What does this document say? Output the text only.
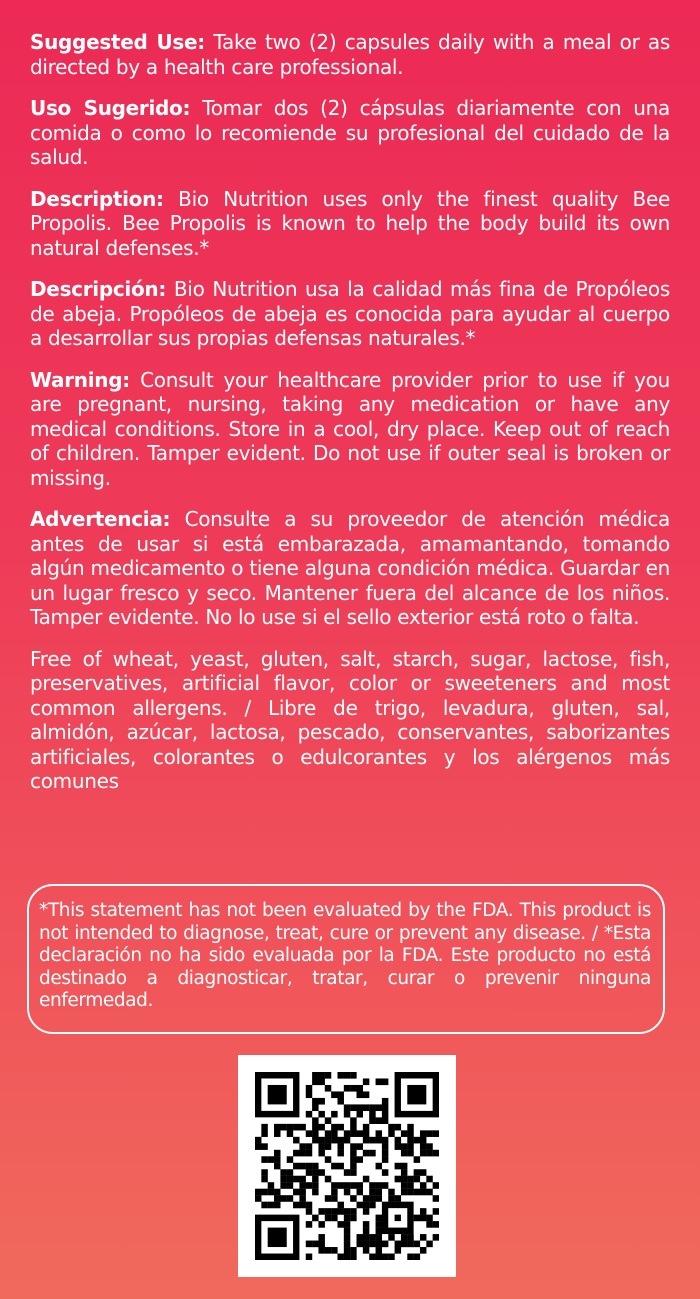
Suggested Use: Take two (2) capsules daily with a meal or as directed by a health care professional.

Uso Sugerido: Tomar dos (2) cápsulas diariamente con una comida o como lo recomiende su profesional del cuidado de la salud.

Description: Bio Nutrition uses only the finest quality Bee Propolis. Bee Propolis is known to help the body build its own natural defenses.*

Descripción: Bio Nutrition usa la calidad más fina de Propóleos de abeja. Propóleos de abeja es conocida para ayudar al cuerpo a desarrollar sus propias defensas naturales.*

Warning: Consult your healthcare provider prior to use if you are pregnant, nursing, taking any medication or have any medical conditions. Store in a cool, dry place. Keep out of reach of children. Tamper evident. Do not use if outer seal is broken or missing.

Advertencia: Consulte a su proveedor de atención médica antes de usar si está embarazada, amamantando, tomando algún medicamento o tiene alguna condición médica. Guardar en un lugar fresco y seco. Mantener fuera del alcance de los niños. Tamper evidente. No lo use si el sello exterior está roto o falta.

Free of wheat, yeast, gluten, salt, starch, sugar, lactose, fish, preservatives, artificial flavor, color or sweeteners and most common allergens. / Libre de trigo, levadura, gluten, sal, almidón, azúcar, lactosa, pescado, conservantes, saborizantes artificiales, colorantes o edulcorantes y los alérgenos más comunes

*This statement has not been evaluated by the FDA. This product is not intended to diagnose, treat, cure or prevent any disease. / *Esta declaración no ha sido evaluada por la FDA. Este producto no está destinado a diagnosticar, tratar, curar o prevenir ninguna enfermedad.
